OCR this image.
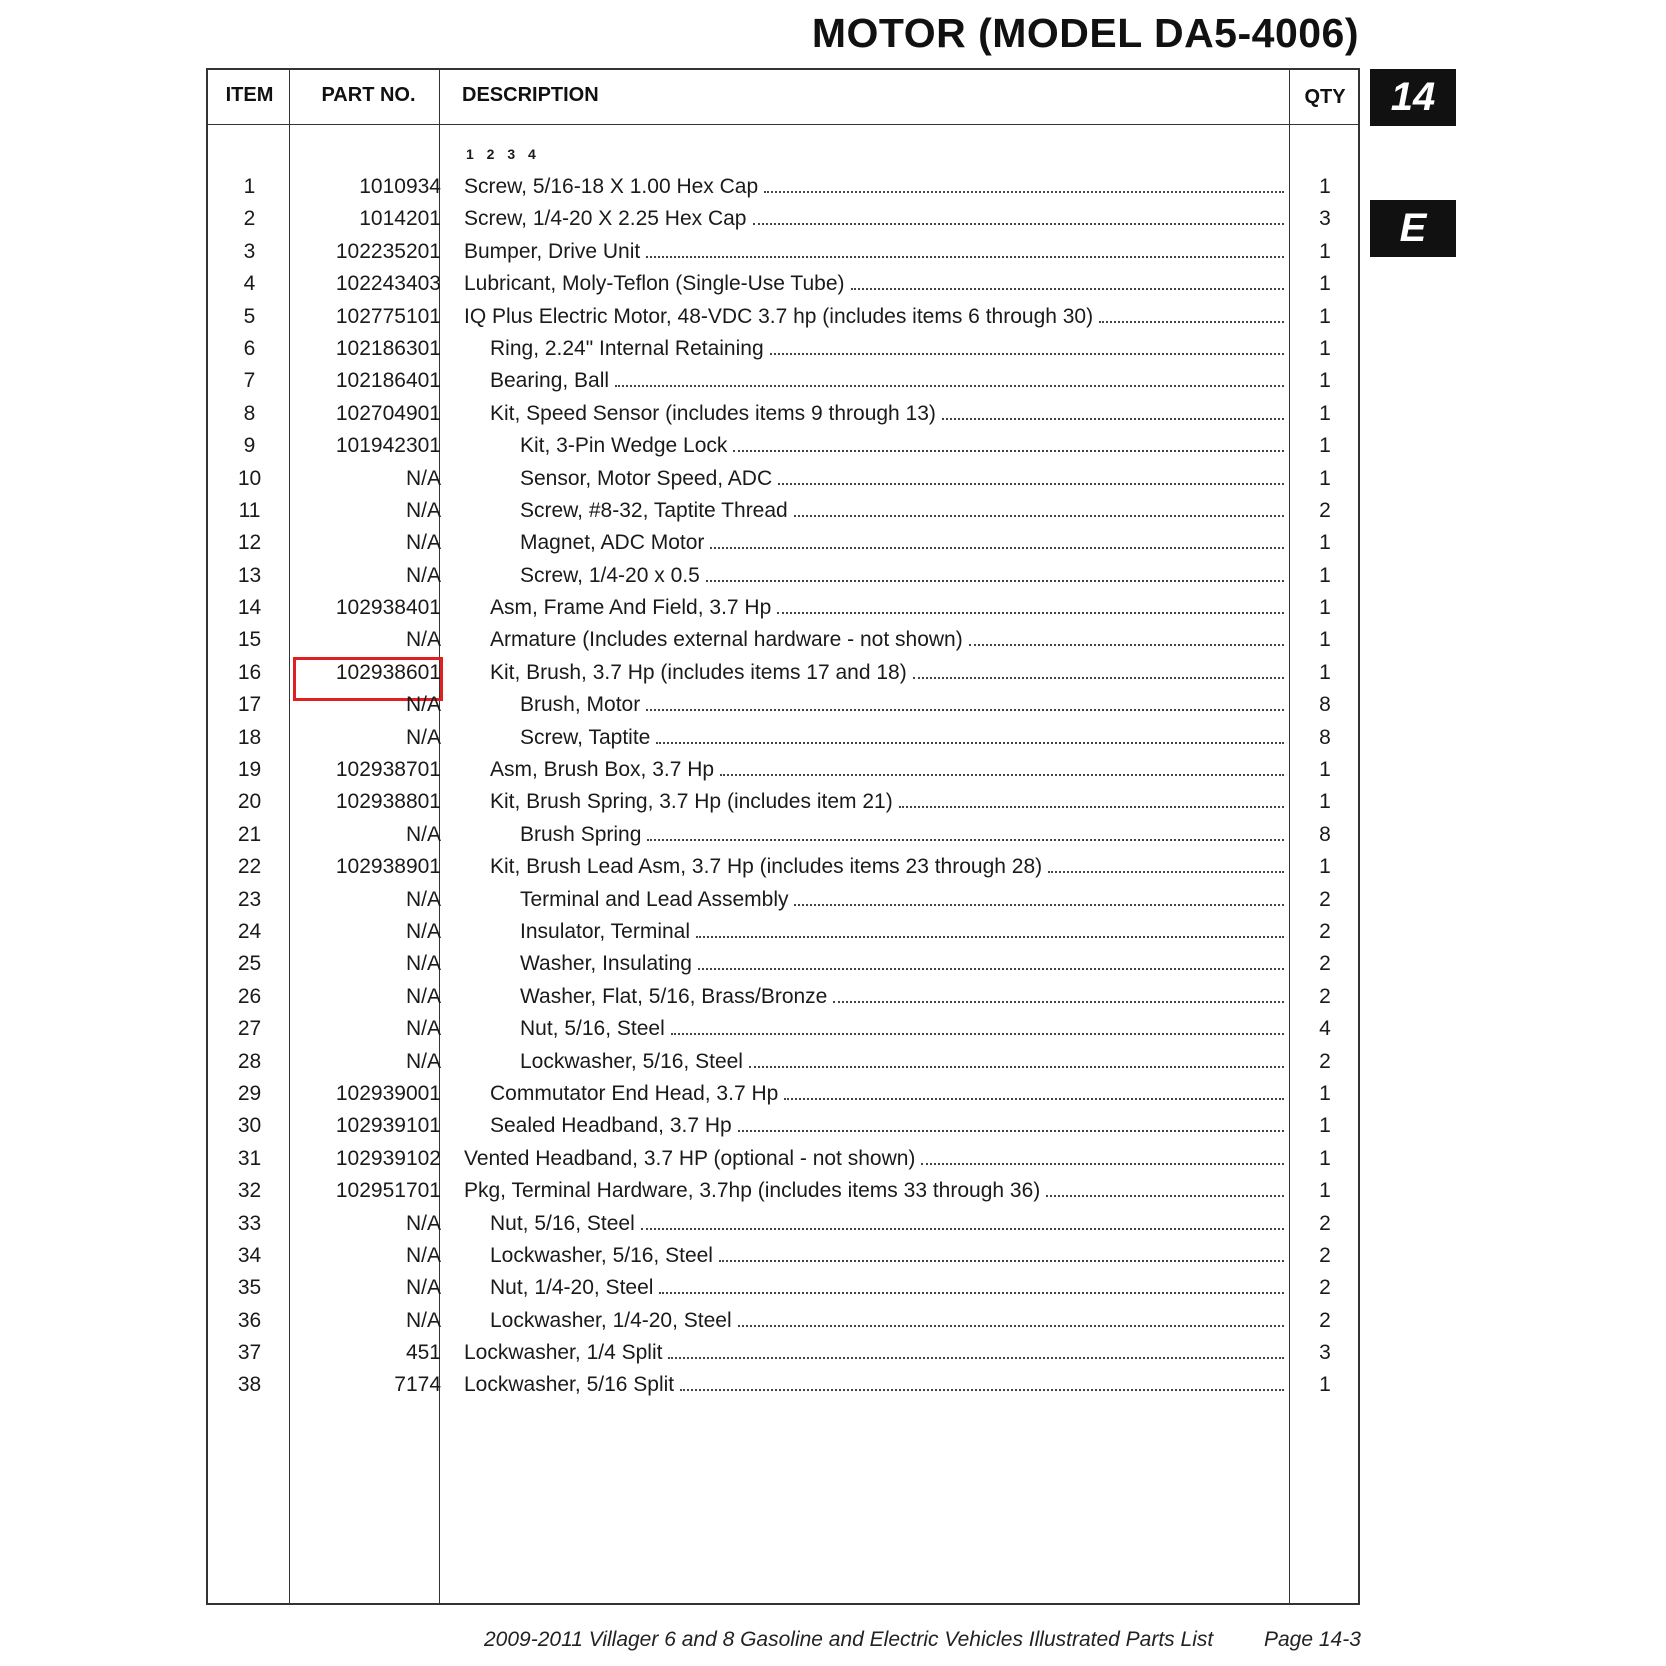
MOTOR (MODEL DA5-4006)
14
E
ITEM	PART NO.	DESCRIPTION	QTY
1 2 3 4
1	1010934 Screw, 5/16-18 X 1.00 Hex Cap	1
2	1014201 Screw, 1/4-20 X 2.25 Hex Cap	3
3	102235201 Bumper, Drive Unit	1
4	102243403 Lubricant, Moly-Teflon (Single-Use Tube)	1
5	102775101 IQ Plus Electric Motor, 48-VDC 3.7 hp (includes items 6 through 30)	1
6	102186301	Ring, 2.24" Internal Retaining	1
7	102186401	Bearing, Ball	1
8	102704901	Kit, Speed Sensor (includes items 9 through 13)	1
9	101942301	Kit, 3-Pin Wedge Lock	1
10	N/A	Sensor, Motor Speed, ADC	1
11	N/A	Screw, #8-32, Taptite Thread	2
12	N/A	Magnet, ADC Motor	1
13	N/A	Screw, 1/4-20 x 0.5	1
14	102938401	Asm, Frame And Field, 3.7 Hp	1
15	N/A	Armature (Includes external hardware - not shown)	1
16	102938601	Kit, Brush, 3.7 Hp (includes items 17 and 18)	1
17	N/A	Brush, Motor	8
18	N/A	Screw, Taptite	8
19	102938701	Asm, Brush Box, 3.7 Hp	1
20	102938801	Kit, Brush Spring, 3.7 Hp (includes item 21)	1
21	N/A	Brush Spring	8
22	102938901	Kit, Brush Lead Asm, 3.7 Hp (includes items 23 through 28)	1
23	N/A	Terminal and Lead Assembly	2
24	N/A	Insulator, Terminal	2
25	N/A	Washer, Insulating	2
26	N/A	Washer, Flat, 5/16, Brass/Bronze	2
27	N/A	Nut, 5/16, Steel	4
28	N/A	Lockwasher, 5/16, Steel	2
29	102939001	Commutator End Head, 3.7 Hp	1
30	102939101	Sealed Headband, 3.7 Hp	1
31	102939102 Vented Headband, 3.7 HP (optional - not shown)	1
32	102951701 Pkg, Terminal Hardware, 3.7hp (includes items 33 through 36)	1
33	N/A	Nut, 5/16, Steel	2
34	N/A	Lockwasher, 5/16, Steel	2
35	N/A	Nut, 1/4-20, Steel	2
36	N/A	Lockwasher, 1/4-20, Steel	2
37	451 Lockwasher, 1/4 Split	3
38	7174 Lockwasher, 5/16 Split	1
2009-2011 Villager 6 and 8 Gasoline and Electric Vehicles Illustrated Parts List Page 14-3
